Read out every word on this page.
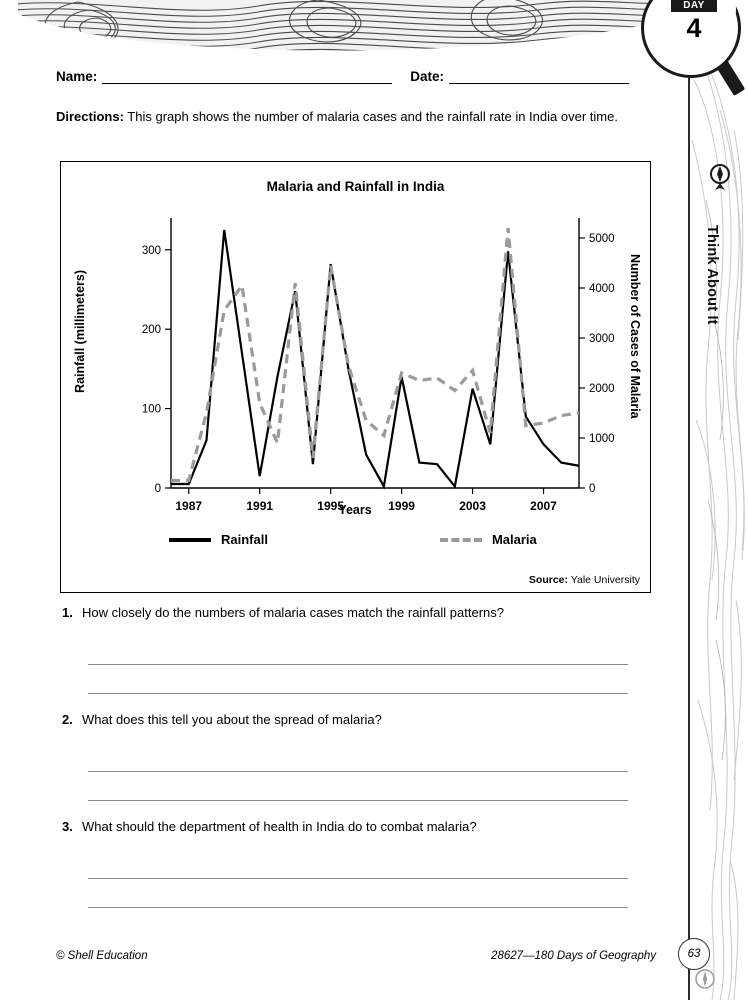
DAY
4
Think About It
Name:	Date:
Directions: This graph shows the number of malaria cases and the rainfall rate in India over time.
Malaria and Rainfall in India
Rainfall (millimeters)	Number of Cases of Malaria
0
100
200
300
0
1000
2000
3000
4000
5000
1987	1991	1995	1999	2003	2007
Years
Rainfall	Malaria
Source: Yale University
1. How closely do the numbers of malaria cases match the rainfall patterns?
2. What does this tell you about the spread of malaria?
3. What should the department of health in India do to combat malaria?
© Shell Education	28627—180 Days of Geography	63
